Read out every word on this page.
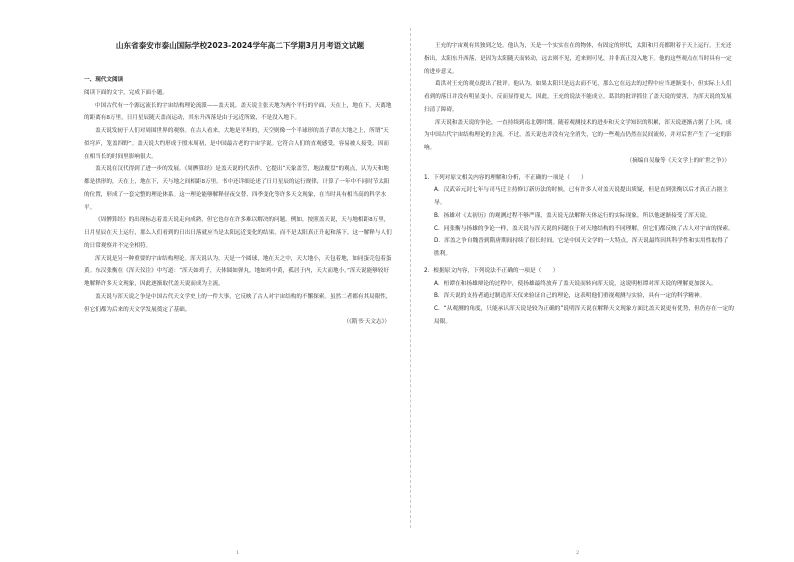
山东省泰安市泰山国际学校2023-2024学年高二下学期3月月考语文试题

一、现代文阅读

阅读下面的文字，完成下面小题。

中国古代有一个源远流长的宇宙结构理论流派——盖天说。盖天说主张天地为两个平行的平面，天在上，地在下，天离地的距离有8万里，日月星辰随天盖而运动，其东升西落是由于远近所致，不是没入地下。

盖天说发轫于人们对周围世界的观察。在古人看来，大地是平坦的，天空则像一个半球形的盖子罩在大地之上，所谓“天似穹庐，笼盖四野”。盖天说大约形成于殷末周初，是中国最古老的宇宙学说。它符合人们的直观感受，容易被人接受，因而在相当长的时间里影响很大。

盖天说在汉代得到了进一步的发展。《周髀算经》是盖天说的代表作，它提出“天象盖笠，地法覆盘”的观点，认为天和地都是拱形的，天在上，地在下，天与地之间相距8万里。书中还详细论述了日月星辰的运行规律，计算了一年中不同时节太阳的位置，形成了一套完整的理论体系。这一理论能够解释昼夜交替、四季变化等许多天文现象，在当时具有相当高的科学水平。

《周髀算经》的出现标志着盖天说走向成熟，但它也存在许多难以解决的问题。例如，按照盖天说，天与地相距8万里，日月星辰在天上运行，那么人们看到的日出日落就应当是太阳远近变化的结果，而不是太阳真正升起和落下。这一解释与人们的日常观察并不完全相符。

浑天说是另一种重要的宇宙结构理论。浑天说认为，天是一个圆球，地在天之中，天大地小，天包着地，如同蛋壳包着蛋黄。东汉张衡在《浑天仪注》中写道：“浑天如鸡子，天体圆如弹丸，地如鸡中黄，孤居于内，天大而地小。”浑天说能够较好地解释许多天文现象，因此逐渐取代盖天说而成为主流。

盖天说与浑天说之争是中国古代天文学史上的一件大事，它反映了古人对宇宙结构的不懈探索。虽然二者都有其局限性，但它们都为后来的天文学发展奠定了基础。

（《隋书·天文志》）

王充的宇宙观有其独到之处。他认为，天是一个实实在在的物体，有固定的形状，太阳和月亮都附着于天上运行。王充还指出，太阳东升西落，是因为太阳随天而转动，远去则不见，近来则可见，并非真正没入地下。他的这些观点在当时具有一定的进步意义。

葛洪对王充的观点提出了批评。他认为，如果太阳只是远去而不见，那么它在远去的过程中应当逐渐变小，但实际上人们看到的落日并没有明显变小，反而显得更大。因此，王充的说法不能成立。葛洪的批评抓住了盖天说的要害，为浑天说的发展扫清了障碍。

浑天说和盖天说的争论，一直持续到南北朝时期。随着观测技术的进步和天文学知识的积累，浑天说逐渐占据了上风，成为中国古代宇宙结构理论的主流。不过，盖天说也并没有完全消失，它的一些观点仍然在民间流传，并对后世产生了一定的影响。

（摘编自吴璇等《天文学上的旷世之争》）

1．下列对原文相关内容的理解和分析，不正确的一项是（　　）

A．汉武帝元封七年与司马迁主持修订新历法的时候，已有许多人对盖天说提出质疑，但是直到张衡以后才真正占据主导。

B．扬雄对《太初历》的观测过程不够严谨，盖天说无法解释天体运行的实际现象，所以他逐渐接受了浑天说。

C．同张衡与扬雄的争论一样，盖天说与浑天说的问题在于对天地结构的不同理解，但它们都反映了古人对宇宙的探索。

D．浑盖之争自魏晋到隋唐期间持续了很长时间，它是中国天文学的一大特点，浑天说最终因其科学性和实用性取得了胜利。

2．根据原文内容，下列说法不正确的一项是（　　）

A．桓谭在和扬雄辩论的过程中，使扬雄最终放弃了盖天说而转向浑天说，这说明桓谭对浑天说的理解更加深入。

B．浑天说的支持者通过制造浑天仪来验证自己的理论，这表明他们重视观测与实验，具有一定的科学精神。

C．“从观测的角度，只能承认浑天说是较为正确的”说明浑天说在解释天文现象方面比盖天说更有优势，但仍存在一定的局限。

1	2
